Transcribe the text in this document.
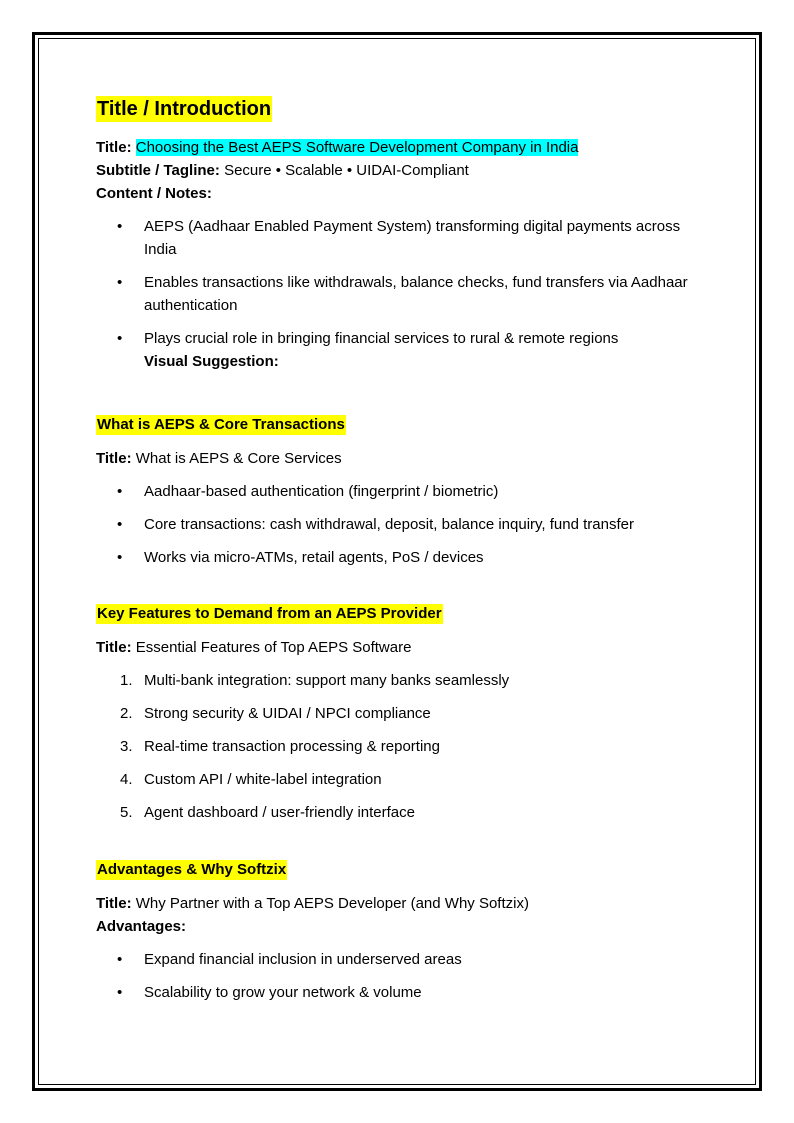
Title / Introduction

Title: Choosing the Best AEPS Software Development Company in India

Subtitle / Tagline: Secure • Scalable • UIDAI-Compliant

Content / Notes:

• AEPS (Aadhaar Enabled Payment System) transforming digital payments across India
• Enables transactions like withdrawals, balance checks, fund transfers via Aadhaar authentication
• Plays crucial role in bringing financial services to rural & remote regions
Visual Suggestion:
What is AEPS & Core Transactions

Title: What is AEPS & Core Services

• Aadhaar-based authentication (fingerprint / biometric)
• Core transactions: cash withdrawal, deposit, balance inquiry, fund transfer
• Works via micro-ATMs, retail agents, PoS / devices
Key Features to Demand from an AEPS Provider

Title: Essential Features of Top AEPS Software

1. Multi-bank integration: support many banks seamlessly
2. Strong security & UIDAI / NPCI compliance
3. Real-time transaction processing & reporting
4. Custom API / white-label integration
5. Agent dashboard / user-friendly interface
Advantages & Why Softzix

Title: Why Partner with a Top AEPS Developer (and Why Softzix)

Advantages:

• Expand financial inclusion in underserved areas
• Scalability to grow your network & volume
